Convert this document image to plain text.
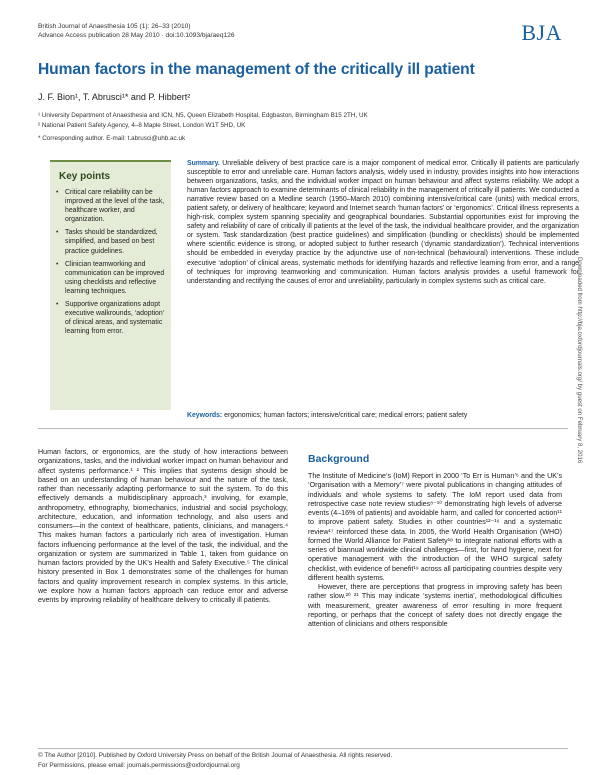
British Journal of Anaesthesia 105 (1): 26–33 (2010)
Advance Access publication 28 May 2010 · doi:10.1093/bja/aeq126	BJA
Human factors in the management of the critically ill patient
J. F. Bion¹, T. Abrusci¹* and P. Hibbert²
¹ University Department of Anaesthesia and ICN, N5, Queen Elizabeth Hospital, Edgbaston, Birmingham B15 2TH, UK
² National Patient Safety Agency, 4–8 Maple Street, London W1T 5HD, UK
* Corresponding author. E-mail: t.abrusci@uhb.ac.uk
Key points
• Critical care reliability can be improved at the level of the task, healthcare worker, and organization.
• Tasks should be standardized, simplified, and based on best practice guidelines.
• Clinician teamworking and communication can be improved using checklists and reflective learning techniques.
• Supportive organizations adopt executive walkrounds, ‘adoption’ of clinical areas, and systematic learning from error.

Summary. Unreliable delivery of best practice care is a major component of medical error. Critically ill patients are particularly susceptible to error and unreliable care. Human factors analysis, widely used in industry, provides insights into how interactions between organizations, tasks, and the individual worker impact on human behaviour and affect systems reliability. We adopt a human factors approach to examine determinants of clinical reliability in the management of critically ill patients. We conducted a narrative review based on a Medline search (1950–March 2010) combining intensive/critical care (units) with medical errors, patient safety, or delivery of healthcare; keyword and Internet search ‘human factors’ or ‘ergonomics’. Critical illness represents a high-risk, complex system spanning speciality and geographical boundaries. Substantial opportunities exist for improving the safety and reliability of care of critically ill patients at the level of the task, the individual healthcare provider, and the organization or system. Task standardization (best practice guidelines) and simplification (bundling or checklists) should be implemented where scientific evidence is strong, or adopted subject to further research (‘dynamic standardization’). Technical interventions should be embedded in everyday practice by the adjunctive use of non-technical (behavioural) interventions. These include executive ‘adoption’ of clinical areas, systematic methods for identifying hazards and reflective learning from error, and a range of techniques for improving teamworking and communication. Human factors analysis provides a useful framework for understanding and rectifying the causes of error and unreliability, particularly in complex systems such as critical care.

Keywords: ergonomics; human factors; intensive/critical care; medical errors; patient safety

Human factors, or ergonomics, are the study of how interactions between organizations, tasks, and the individual worker impact on human behaviour and affect systems performance.¹ ² This implies that systems design should be based on an understanding of human behaviour and the nature of the task, rather than necessarily adapting performance to suit the system. To do this effectively demands a multidisciplinary approach,³ involving, for example, anthropometry, ethnography, biomechanics, industrial and social psychology, architecture, education, and information technology, and also users and consumers—in the context of healthcare, patients, clinicians, and managers.⁴ This makes human factors a particularly rich area of investigation. Human factors influencing performance at the level of the task, the individual, and the organization or system are summarized in Table 1, taken from guidance on human factors provided by the UK’s Health and Safety Executive.⁵ The clinical history presented in Box 1 demonstrates some of the challenges for human factors and quality improvement research in complex systems. In this article, we explore how a human factors approach can reduce error and adverse events by improving reliability of healthcare delivery to critically ill patients.

Background

The Institute of Medicine’s (IoM) Report in 2000 ‘To Err is Human’⁶ and the UK’s ‘Organisation with a Memory’⁷ were pivotal publications in changing attitudes of individuals and whole systems to safety. The IoM report used data from retrospective case note review studies⁸⁻¹⁰ demonstrating high levels of adverse events (4–16% of patients) and avoidable harm, and called for concerted action¹¹ to improve patient safety. Studies in other countries¹²⁻¹⁶ and a systematic review¹⁷ reinforced these data. In 2005, the World Health Organisation (WHO) formed the World Alliance for Patient Safety¹⁸ to integrate national efforts with a series of biannual worldwide clinical challenges—first, for hand hygiene, next for operative management with the introduction of the WHO surgical safety checklist, with evidence of benefit¹⁹ across all participating countries despite very different health systems.

However, there are perceptions that progress in improving safety has been rather slow.²⁰ ²¹ This may indicate ‘systems inertia’, methodological difficulties with measurement, greater awareness of error resulting in more frequent reporting, or perhaps that the concept of safety does not directly engage the attention of clinicians and others responsible

© The Author [2010]. Published by Oxford University Press on behalf of the British Journal of Anaesthesia. All rights reserved.
For Permissions, please email: journals.permissions@oxfordjournal.org
Downloaded from http://bja.oxfordjournals.org/ by guest on February 8, 2016
